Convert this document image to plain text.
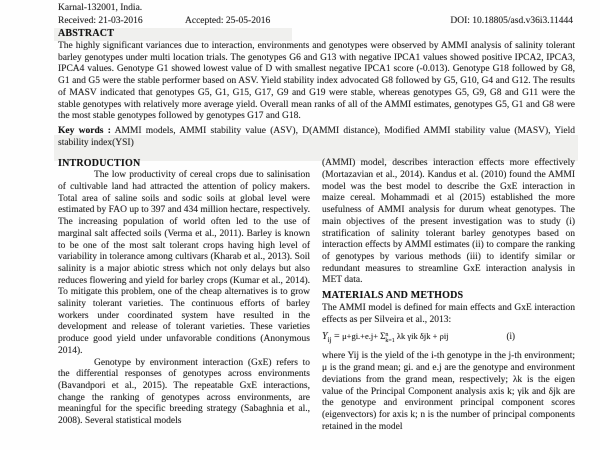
Karnal-132001, India.
Received: 21-03-2016	Accepted: 25-05-2016	DOI: 10.18805/asd.v36i3.11444
ABSTRACT

The highly significant variances due to interaction, environments and genotypes were observed by AMMI analysis of salinity tolerant barley genotypes under multi location trials. The genotypes G6 and G13 with negative IPCA1 values showed positive IPCA2, IPCA3, IPCA4 values. Genotype G1 showed lowest value of D with smallest negative IPCA1 score (-0.013). Genotype G18 followed by G8, G1 and G5 were the stable performer based on ASV. Yield stability index advocated G8 followed by G5, G10, G4 and G12. The results of MASV indicated that genotypes G5, G1, G15, G17, G9 and G19 were stable, whereas genotypes G5, G9, G8 and G11 were the stable genotypes with relatively more average yield. Overall mean ranks of all of the AMMI estimates, genotypes G5, G1 and G8 were the most stable genotypes followed by genotypes G17 and G18.

Key words : AMMI models, AMMI stability value (ASV), D(AMMI distance), Modified AMMI stability value (MASV), Yield stability index(YSI)

INTRODUCTION

The low productivity of cereal crops due to salinisation of cultivable land had attracted the attention of policy makers. Total area of saline soils and sodic soils at global level were estimated by FAO up to 397 and 434 million hectare, respectively. The increasing population of world often led to the use of marginal salt affected soils (Verma et al., 2011). Barley is known to be one of the most salt tolerant crops having high level of variability in tolerance among cultivars (Kharab et al., 2013). Soil salinity is a major abiotic stress which not only delays but also reduces flowering and yield for barley crops (Kumar et al., 2014). To mitigate this problem, one of the cheap alternatives is to grow salinity tolerant varieties. The continuous efforts of barley workers under coordinated system have resulted in the development and release of tolerant varieties. These varieties produce good yield under unfavorable conditions (Anonymous 2014).

Genotype by environment interaction (GxE) refers to the differential responses of genotypes across environments (Bavandpori et al., 2015). The repeatable GxE interactions, change the ranking of genotypes across environments, are meaningful for the specific breeding strategy (Sabaghnia et al., 2008). Several statistical models

(AMMI) model, describes interaction effects more effectively (Mortazavian et al., 2014). Kandus et al. (2010) found the AMMI model was the best model to describe the GxE interaction in maize cereal. Mohammadi et al (2015) established the more usefulness of AMMI analysis for durum wheat genotypes. The main objectives of the present investigation was to study (i) stratification of salinity tolerant barley genotypes based on interaction effects by AMMI estimates (ii) to compare the ranking of genotypes by various methods (iii) to identify similar or redundant measures to streamline GxE interaction analysis in MET data.

MATERIALS AND METHODS

The AMMI model is defined for main effects and GxE interaction effects as per Silveira et al., 2013:

$Y_{ij} = \mu+gi.+e.j+ \Sigma$ n
k=1 λk γik δjk + ρij	(i)

where Yij is the yield of the i-th genotype in the j-th environment; μ is the grand mean; gi. and e.j are the genotype and environment deviations from the grand mean, respectively; λk is the eigen value of the Principal Component analysis axis k; γik and δjk are the genotype and environment principal component scores (eigenvectors) for axis k; n is the number of principal components retained in the model
